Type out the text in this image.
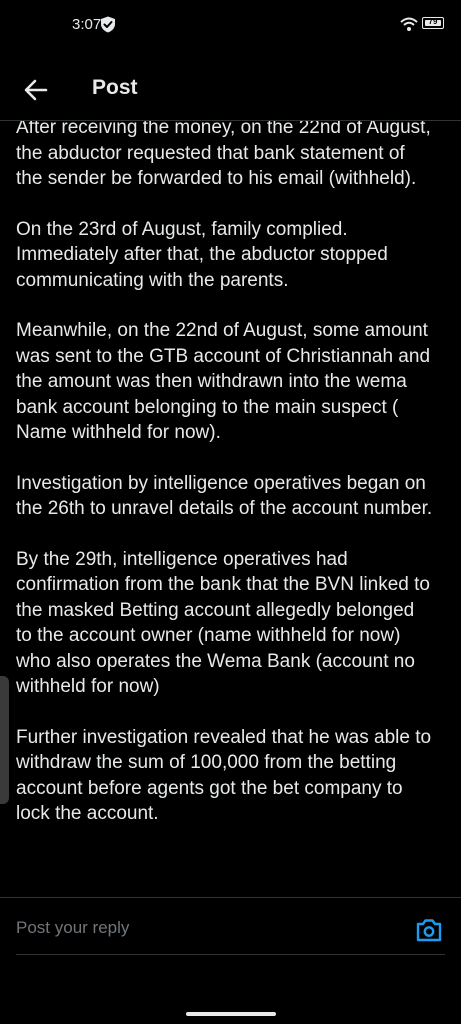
3:07	79
Post

After receiving the money, on the 22nd of August, the abductor requested that bank statement of the sender be forwarded to his email (withheld).

On the 23rd of August, family complied. Immediately after that, the abductor stopped communicating with the parents.

Meanwhile, on the 22nd of August, some amount was sent to the GTB account of Christiannah and the amount was then withdrawn into the wema bank account belonging to the main suspect ( Name withheld for now).

Investigation by intelligence operatives began on the 26th to unravel details of the account number.

By the 29th, intelligence operatives had confirmation from the bank that the BVN linked to the masked Betting account allegedly belonged to the account owner (name withheld for now) who also operates the Wema Bank (account no withheld for now)

Further investigation revealed that he was able to withdraw the sum of 100,000 from the betting account before agents got the bet company to lock the account.

Post your reply
